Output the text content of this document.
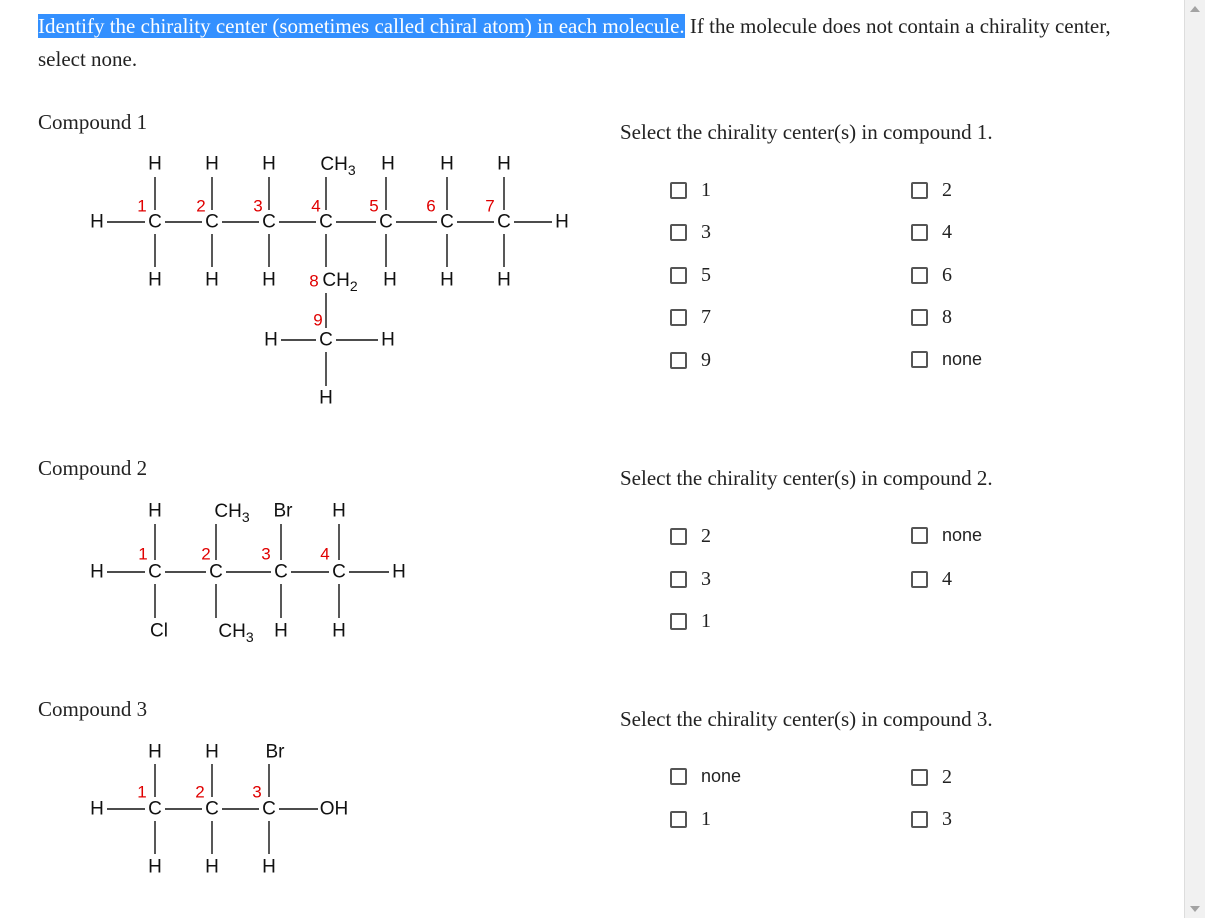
Identify the chirality center (sometimes called chiral atom) in each molecule. If the molecule does not contain a chirality center, select none.
Compound 1	Select the chirality center(s) in compound 1.
H H H $CH_3$ H H H
H C C C C C C C H
1	2	3	4	5	6	7
8
9
H H H $CH_2$ H H H
H C	H
H
1	2
3	4
5	6
7	8
9	none
Compound 2	Select the chirality center(s) in compound 2.
H	$CH_3$ Br H
H C C	C C H
1	2	3	4
Cl	$CH_3$ H H
2	none
3	4
1
Compound 3	Select the chirality center(s) in compound 3.
H H Br
H C C C OH
1	2	3
H H H
none	2
1	3
